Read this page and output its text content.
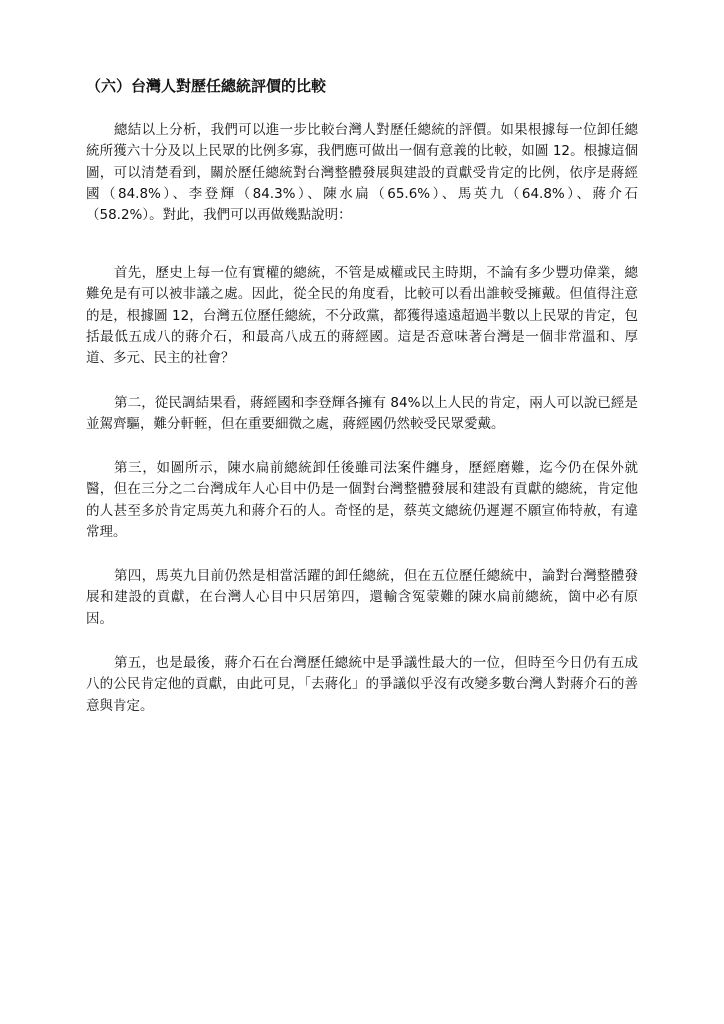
（六）台灣人對歷任總統評價的比較

總結以上分析，我們可以進一步比較台灣人對歷任總統的評價。如果根據每一位卸任總統所獲六十分及以上民眾的比例多寡，我們應可做出一個有意義的比較，如圖 12。根據這個圖，可以清楚看到，關於歷任總統對台灣整體發展與建設的貢獻受肯定的比例，依序是蔣經國（84.8%）、李登輝（84.3%）、陳水扁（65.6%）、馬英九（64.8%）、蔣介石（58.2%）。對此，我們可以再做幾點說明：

首先，歷史上每一位有實權的總統，不管是威權或民主時期，不論有多少豐功偉業，總難免是有可以被非議之處。因此，從全民的角度看，比較可以看出誰較受擁戴。但值得注意的是，根據圖 12，台灣五位歷任總統，不分政黨，都獲得遠遠超過半數以上民眾的肯定，包括最低五成八的蔣介石，和最高八成五的蔣經國。這是否意味著台灣是一個非常溫和、厚道、多元、民主的社會？

第二，從民調結果看，蔣經國和李登輝各擁有 84%以上人民的肯定，兩人可以說已經是並駕齊驅，難分軒輊，但在重要細微之處，蔣經國仍然較受民眾愛戴。

第三，如圖所示，陳水扁前總統卸任後雖司法案件纏身，歷經磨難，迄今仍在保外就醫，但在三分之二台灣成年人心目中仍是一個對台灣整體發展和建設有貢獻的總統，肯定他的人甚至多於肯定馬英九和蔣介石的人。奇怪的是，蔡英文總統仍遲遲不願宣佈特赦，有違常理。

第四，馬英九目前仍然是相當活躍的卸任總統，但在五位歷任總統中，論對台灣整體發展和建設的貢獻，在台灣人心目中只居第四，還輸含冤蒙難的陳水扁前總統，箇中必有原因。

第五，也是最後，蔣介石在台灣歷任總統中是爭議性最大的一位，但時至今日仍有五成八的公民肯定他的貢獻，由此可見，「去蔣化」的爭議似乎沒有改變多數台灣人對蔣介石的善意與肯定。
